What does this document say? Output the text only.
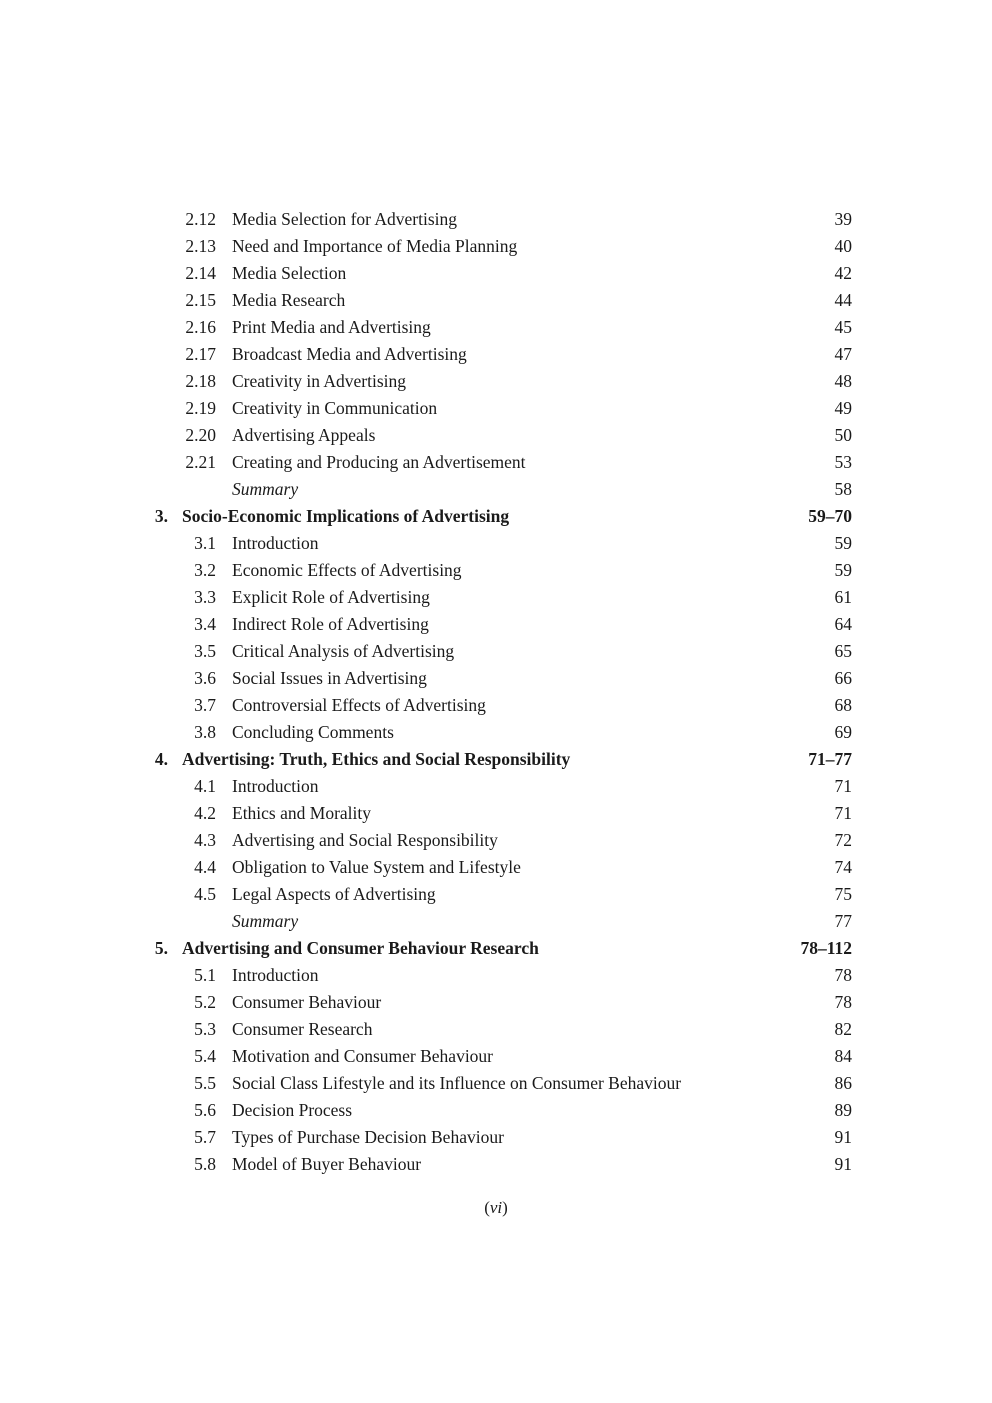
2.12 Media Selection for Advertising	39
2.13 Need and Importance of Media Planning	40
2.14 Media Selection	42
2.15 Media Research	44
2.16 Print Media and Advertising	45
2.17 Broadcast Media and Advertising	47
2.18 Creativity in Advertising	48
2.19 Creativity in Communication	49
2.20 Advertising Appeals	50
2.21 Creating and Producing an Advertisement	53
Summary	58
3. Socio-Economic Implications of Advertising	59–70
3.1 Introduction	59
3.2 Economic Effects of Advertising	59
3.3 Explicit Role of Advertising	61
3.4 Indirect Role of Advertising	64
3.5 Critical Analysis of Advertising	65
3.6 Social Issues in Advertising	66
3.7 Controversial Effects of Advertising	68
3.8 Concluding Comments	69
4. Advertising: Truth, Ethics and Social Responsibility	71–77
4.1 Introduction	71
4.2 Ethics and Morality	71
4.3 Advertising and Social Responsibility	72
4.4 Obligation to Value System and Lifestyle	74
4.5 Legal Aspects of Advertising	75
Summary	77
5. Advertising and Consumer Behaviour Research	78–112
5.1 Introduction	78
5.2 Consumer Behaviour	78
5.3 Consumer Research	82
5.4 Motivation and Consumer Behaviour	84
5.5 Social Class Lifestyle and its Influence on Consumer Behaviour	86
5.6 Decision Process	89
5.7 Types of Purchase Decision Behaviour	91
5.8 Model of Buyer Behaviour	91
(vi)
